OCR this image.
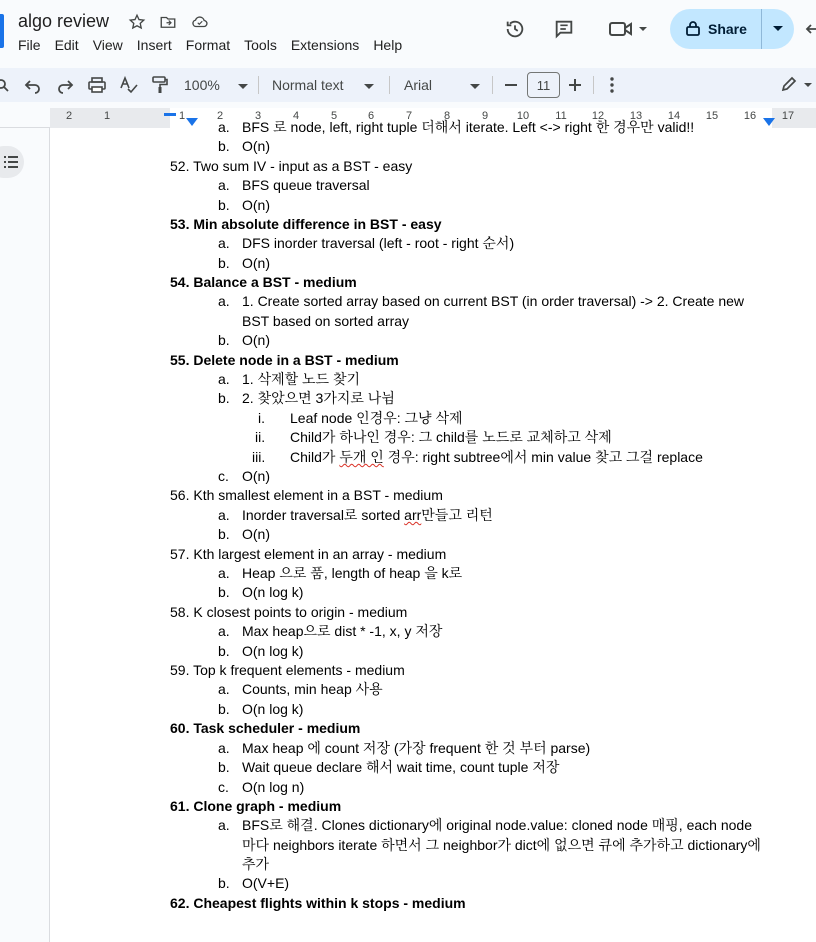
algo review
File	Edit	View	Insert	Format	Tools	Extensions	Help
Share
100%	Normal text	Arial	11
2	1	1	2	3	4	5	6	7	8	9	10 11 12 13 14 15 16 17
a. BFS 로 node, left, right tuple 더해서 iterate. Left <-> right 한 경우만 valid!!
b. O(n)
52. Two sum IV - input as a BST - easy
a. BFS queue traversal
b. O(n)
53. Min absolute difference in BST - easy
a. DFS inorder traversal (left - root - right 순서)
b. O(n)
54. Balance a BST - medium
a. 1. Create sorted array based on current BST (in order traversal) -> 2. Create new
BST based on sorted array
b. O(n)
55. Delete node in a BST - medium
a. 1. 삭제할 노드 찾기
b. 2. 찾았으면 3가지로 나뉨
i. Leaf node 인경우: 그냥 삭제
ii. Child가 하나인 경우: 그 child를 노드로 교체하고 삭제
iii. Child가 두개 인 경우: right subtree에서 min value 찾고 그걸 replace
c. O(n)
56. Kth smallest element in a BST - medium
a. Inorder traversal로 sorted arr만들고 리턴
b. O(n)
57. Kth largest element in an array - medium
a. Heap 으로 품, length of heap 을 k로
b. O(n log k)
58. K closest points to origin - medium
a. Max heap으로 dist * -1, x, y 저장
b. O(n log k)
59. Top k frequent elements - medium
a. Counts, min heap 사용
b. O(n log k)
60. Task scheduler - medium
a. Max heap 에 count 저장 (가장 frequent 한 것 부터 parse)
b. Wait queue declare 해서 wait time, count tuple 저장
c. O(n log n)
61. Clone graph - medium
a. BFS로 해결. Clones dictionary에 original node.value: cloned node 매핑, each node
마다 neighbors iterate 하면서 그 neighbor가 dict에 없으면 큐에 추가하고 dictionary에
추가
b. O(V+E)
62. Cheapest flights within k stops - medium
